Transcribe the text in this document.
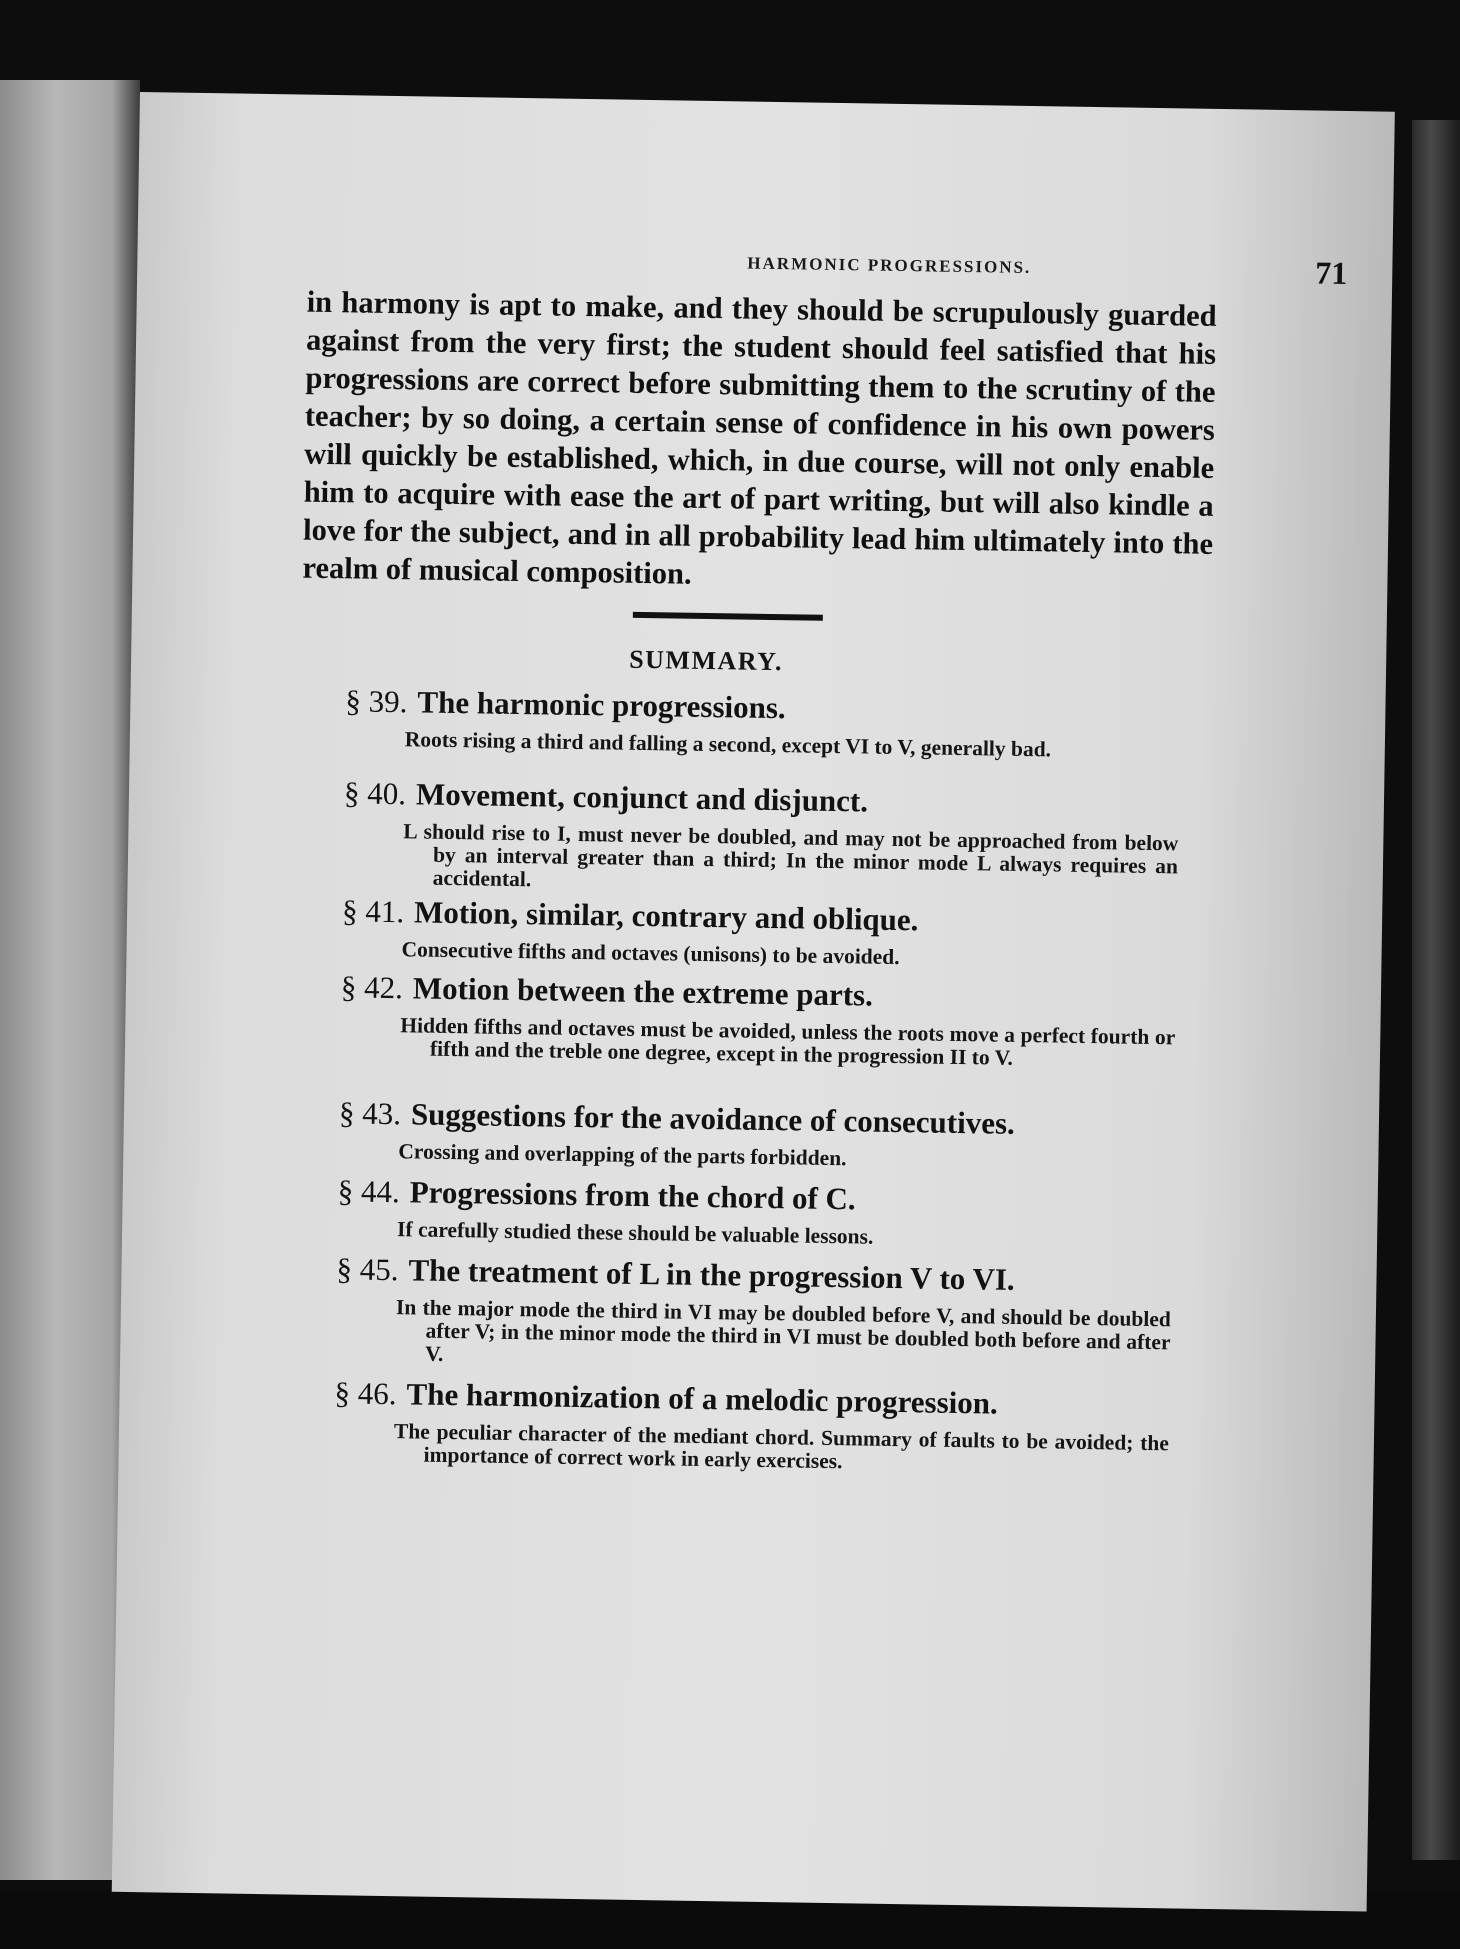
HARMONIC PROGRESSIONS.	71
in harmony is apt to make, and they should be scrupulously guarded against from the very first; the student should feel satisfied that his progressions are correct before submitting them to the scrutiny of the teacher; by so doing, a certain sense of confidence in his own powers will quickly be established, which, in due course, will not only enable him to acquire with ease the art of part writing, but will also kindle a love for the subject, and in all probability lead him ultimately into the realm of musical composition.
SUMMARY.
§ 39. The harmonic progressions.
Roots rising a third and falling a second, except VI to V, generally bad.
§ 40. Movement, conjunct and disjunct.
L should rise to I, must never be doubled, and may not be approached from below by an interval greater than a third; In the minor mode L always requires an accidental.
§ 41. Motion, similar, contrary and oblique.
Consecutive fifths and octaves (unisons) to be avoided.
§ 42. Motion between the extreme parts.
Hidden fifths and octaves must be avoided, unless the roots move a perfect fourth or fifth and the treble one degree, except in the progression II to V.
§ 43. Suggestions for the avoidance of consecutives.
Crossing and overlapping of the parts forbidden.
§ 44. Progressions from the chord of C.
If carefully studied these should be valuable lessons.
§ 45. The treatment of L in the progression V to VI.
In the major mode the third in VI may be doubled before V, and should be doubled after V; in the minor mode the third in VI must be doubled both before and after V.
§ 46. The harmonization of a melodic progression.
The peculiar character of the mediant chord. Summary of faults to be avoided; the importance of correct work in early exercises.
